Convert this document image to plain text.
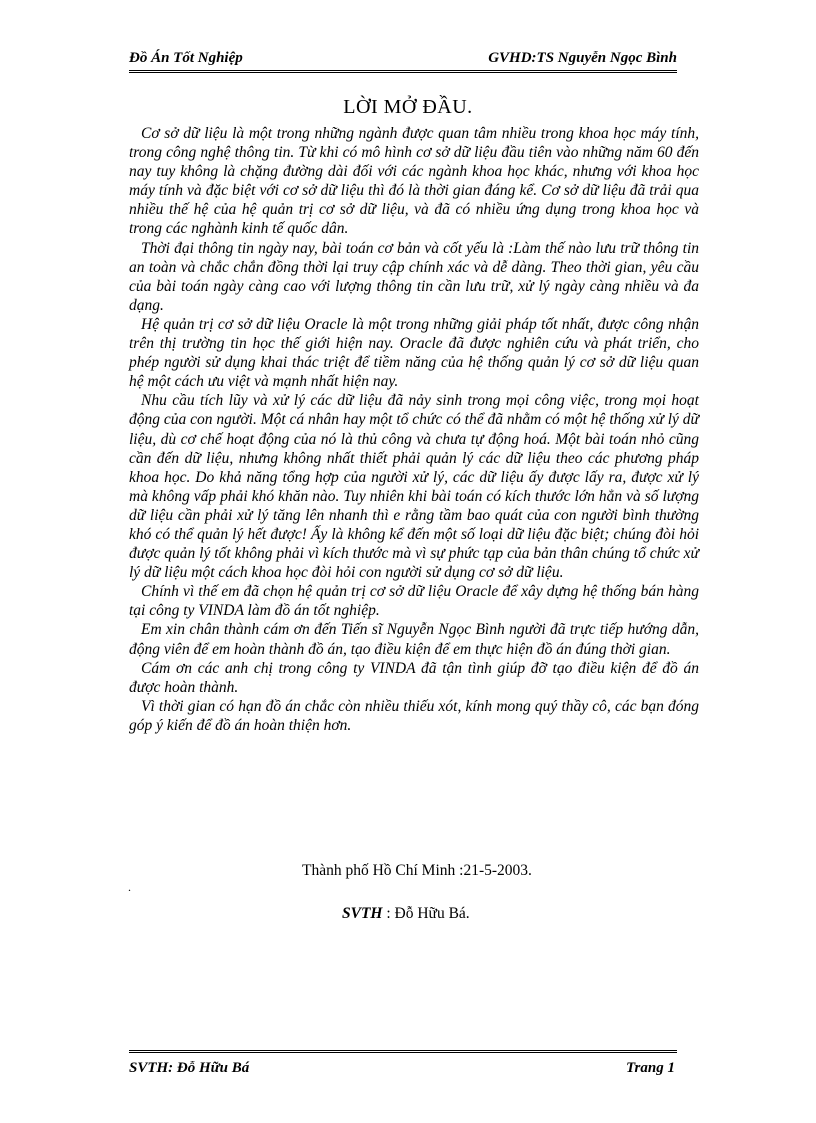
Đồ Án Tốt Nghiệp	GVHD:TS Nguyễn Ngọc Bình
LỜI MỞ ĐẦU.

Cơ sở dữ liệu là một trong những ngành được quan tâm nhiều trong khoa học máy tính, trong công nghệ thông tin. Từ khi có mô hình cơ sở dữ liệu đầu tiên vào những năm 60 đến nay tuy không là chặng đường dài đối với các ngành khoa học khác, nhưng với khoa học máy tính và đặc biệt với cơ sở dữ liệu thì đó là thời gian đáng kể. Cơ sở dữ liệu đã trải qua nhiều thế hệ của hệ quản trị cơ sở dữ liệu, và đã có nhiều ứng dụng trong khoa học và trong các nghành kinh tế quốc dân.

Thời đại thông tin ngày nay, bài toán cơ bản và cốt yếu là :Làm thế nào lưu trữ thông tin an toàn và chắc chắn đồng thời lại truy cập chính xác và dễ dàng. Theo thời gian, yêu cầu của bài toán ngày càng cao với lượng thông tin cần lưu trữ, xử lý ngày càng nhiều và đa dạng.

Hệ quản trị cơ sở dữ liệu Oracle là một trong những giải pháp tốt nhất, được công nhận trên thị trường tin học thế giới hiện nay. Oracle đã được nghiên cứu và phát triển, cho phép người sử dụng khai thác triệt để tiềm năng của hệ thống quản lý cơ sở dữ liệu quan hệ một cách ưu việt và mạnh nhất hiện nay.

Nhu cầu tích lũy và xử lý các dữ liệu đã nảy sinh trong mọi công việc, trong mọi hoạt động của con người. Một cá nhân hay một tổ chức có thể đã nhằm có một hệ thống xử lý dữ liệu, dù cơ chế hoạt động của nó là thủ công và chưa tự động hoá. Một bài toán nhỏ cũng cần đến dữ liệu, nhưng không nhất thiết phải quản lý các dữ liệu theo các phương pháp khoa học. Do khả năng tổng hợp của người xử lý, các dữ liệu ấy được lấy ra, được xử lý mà không vấp phải khó khăn nào. Tuy nhiên khi bài toán có kích thước lớn hẳn và số lượng dữ liệu cần phải xử lý tăng lên nhanh thì e rằng tầm bao quát của con người bình thường khó có thể quản lý hết được! Ấy là không kể đến một số loại dữ liệu đặc biệt; chúng đòi hỏi được quản lý tốt không phải vì kích thước mà vì sự phức tạp của bản thân chúng tổ chức xử lý dữ liệu một cách khoa học đòi hỏi con người sử dụng cơ sở dữ liệu.

Chính vì thế em đã chọn hệ quản trị cơ sở dữ liệu Oracle để xây dựng hệ thống bán hàng tại công ty VINDA làm đồ án tốt nghiệp.

Em xin chân thành cám ơn đến Tiến sĩ Nguyễn Ngọc Bình người đã trực tiếp hướng dẫn, động viên để em hoàn thành đồ án, tạo điều kiện để em thực hiện đồ án đúng thời gian.

Cám ơn các anh chị trong công ty VINDA đã tận tình giúp đỡ tạo điều kiện để đồ án được hoàn thành.

Vì thời gian có hạn đồ án chắc còn nhiều thiếu xót, kính mong quý thầy cô, các bạn đóng góp ý kiến để đồ án hoàn thiện hơn.

Thành phố Hồ Chí Minh :21-5-2003.
.
SVTH : Đỗ Hữu Bá.
SVTH: Đỗ Hữu Bá	Trang 1
